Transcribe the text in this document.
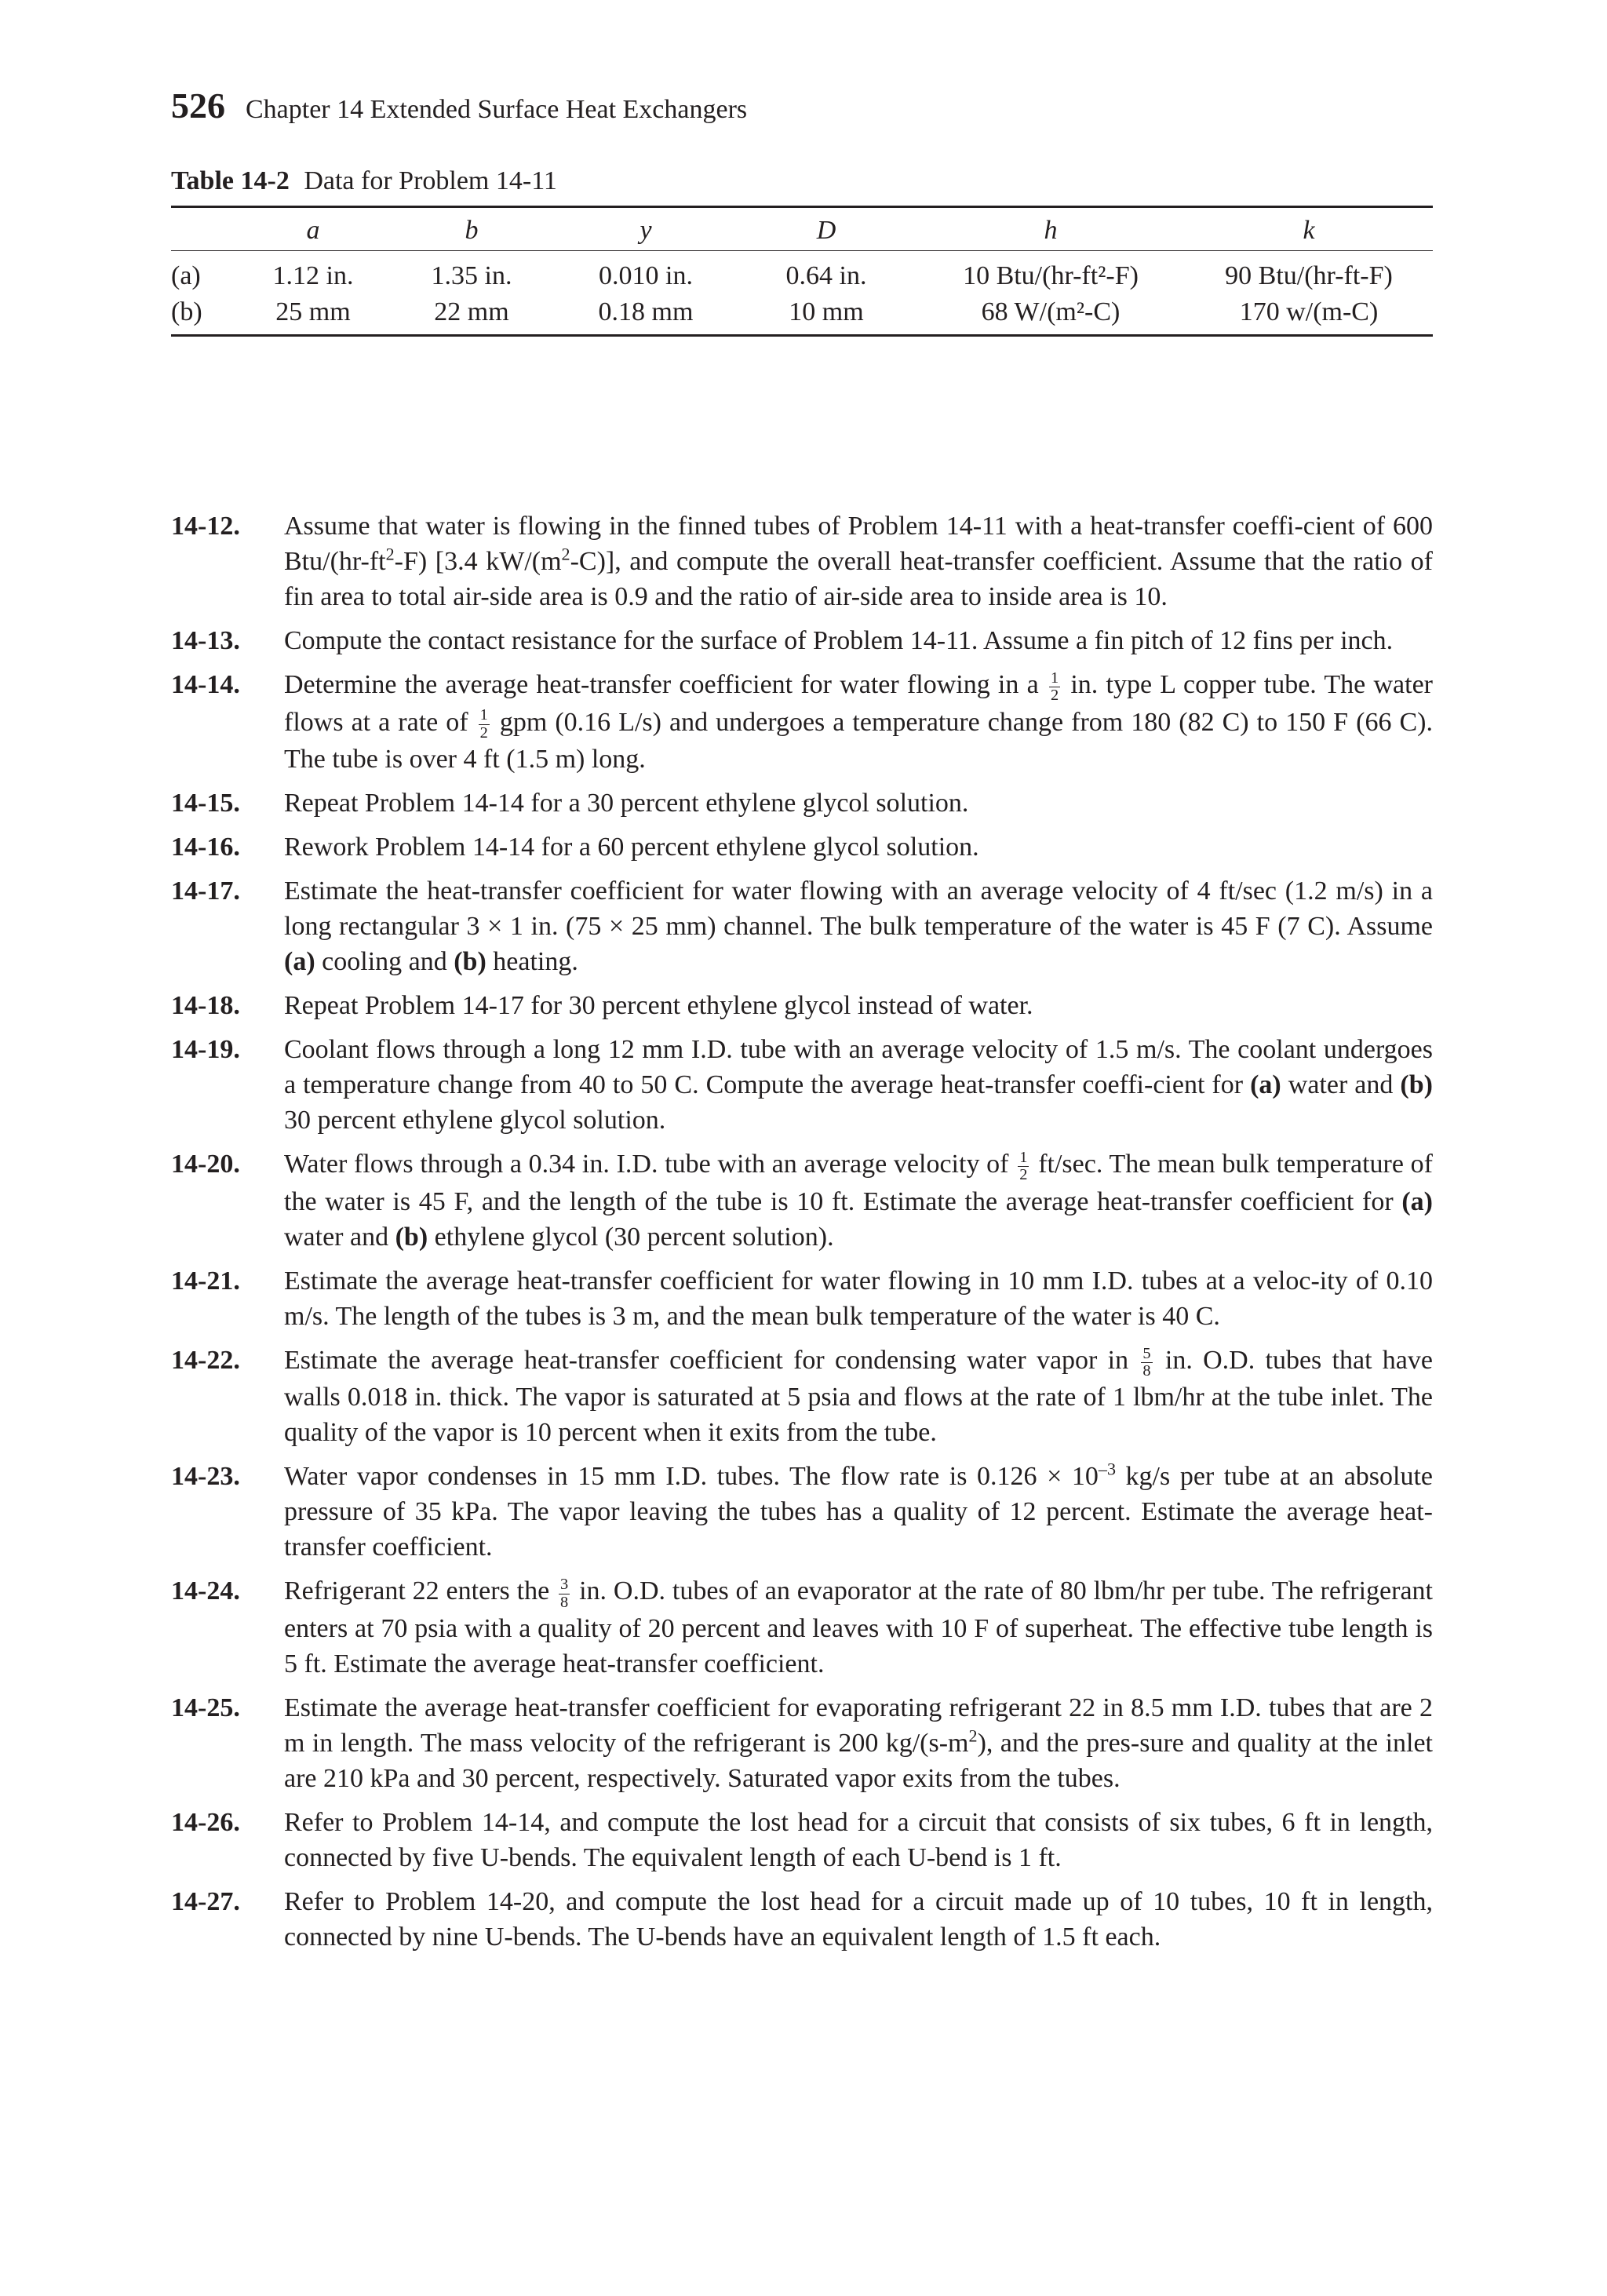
526 Chapter 14 Extended Surface Heat Exchangers
Table 14-2 Data for Problem 14-11
	a	b	y	D	h	k
(a)	1.12 in.	1.35 in.	0.010 in.	0.64 in.	10 Btu/(hr-ft²-F)	90 Btu/(hr-ft-F)
(b)	25 mm	22 mm	0.18 mm	10 mm	68 W/(m²-C)	170 w/(m-C)
14-12.	Assume that water is flowing in the finned tubes of Problem 14-11 with a heat-transfer coeffi-cient of 600 Btu/$(hr-ft^2-F)$ [3.4 $kW/(m^2-C)$], and compute the overall heat-transfer coefficient. Assume that the ratio of fin area to total air-side area is 0.9 and the ratio of air-side area to inside area is 10.
14-13.	Compute the contact resistance for the surface of Problem 14-11. Assume a fin pitch of 12 fins per inch.
14-14.	Determine the average heat-transfer coefficient for water flowing in a $\frac{1}{2}$ in. type L copper tube. The water flows at a rate of $\frac{1}{2}$ gpm (0.16 L/s) and undergoes a temperature change from 180 (82 C) to 150 F (66 C). The tube is over 4 ft (1.5 m) long.
14-15.	Repeat Problem 14-14 for a 30 percent ethylene glycol solution.
14-16.	Rework Problem 14-14 for a 60 percent ethylene glycol solution.
14-17.	Estimate the heat-transfer coefficient for water flowing with an average velocity of 4 ft/sec (1.2 m/s) in a long rectangular 3 × 1 in. (75 × 25 mm) channel. The bulk temperature of the water is 45 F (7 C). Assume (a) cooling and (b) heating.
14-18.	Repeat Problem 14-17 for 30 percent ethylene glycol instead of water.
14-19.	Coolant flows through a long 12 mm I.D. tube with an average velocity of 1.5 m/s. The coolant undergoes a temperature change from 40 to 50 C. Compute the average heat-transfer coeffi-cient for (a) water and (b) 30 percent ethylene glycol solution.
14-20.	Water flows through a 0.34 in. I.D. tube with an average velocity of $\frac{1}{2} ft/\sec$. The mean bulk temperature of the water is 45 F, and the length of the tube is 10 ft. Estimate the average heat-transfer coefficient for (a) water and (b) ethylene glycol (30 percent solution).
14-21.	Estimate the average heat-transfer coefficient for water flowing in 10 mm I.D. tubes at a veloc-ity of 0.10 m/s. The length of the tubes is 3 m, and the mean bulk temperature of the water is 40 C.
14-22.	Estimate the average heat-transfer coefficient for condensing water vapor in $\frac{5}{8}$ in. O.D. tubes that have walls 0.018 in. thick. The vapor is saturated at 5 psia and flows at the rate of 1 lbm/hr at the tube inlet. The quality of the vapor is 10 percent when it exits from the tube.
14-23.	Water vapor condenses in 15 mm I.D. tubes. The flow rate is $0.126 \times 10^{-3}$ kg/s per tube at an absolute pressure of 35 kPa. The vapor leaving the tubes has a quality of 12 percent. Estimate the average heat-transfer coefficient.
14-24.	Refrigerant 22 enters the $\frac{3}{8}$ in. O.D. tubes of an evaporator at the rate of 80 lbm/hr per tube. The refrigerant enters at 70 psia with a quality of 20 percent and leaves with 10 F of superheat. The effective tube length is 5 ft. Estimate the average heat-transfer coefficient.
14-25.	Estimate the average heat-transfer coefficient for evaporating refrigerant 22 in 8.5 mm I.D. tubes that are 2 m in length. The mass velocity of the refrigerant is 200 $kg/(s-m^2)$, and the pres-sure and quality at the inlet are 210 kPa and 30 percent, respectively. Saturated vapor exits from the tubes.
14-26.	Refer to Problem 14-14, and compute the lost head for a circuit that consists of six tubes, 6 ft in length, connected by five U-bends. The equivalent length of each U-bend is 1 ft.
14-27.	Refer to Problem 14-20, and compute the lost head for a circuit made up of 10 tubes, 10 ft in length, connected by nine U-bends. The U-bends have an equivalent length of 1.5 ft each.
